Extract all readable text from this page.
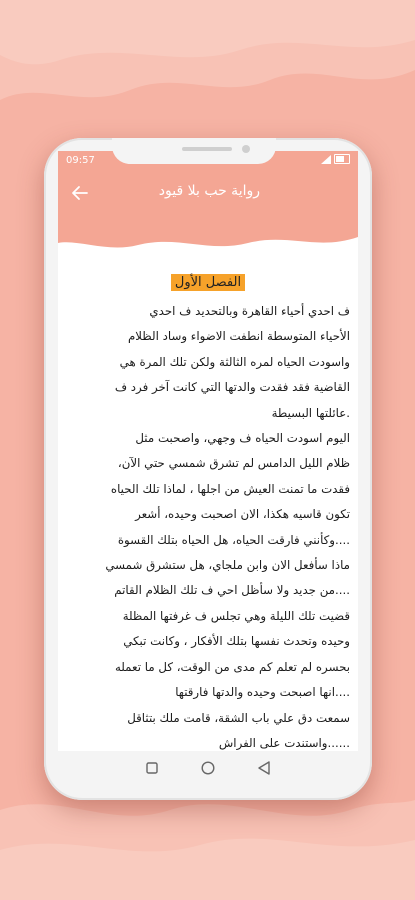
09:57
رواية حب بلا قيود
الفصل الأول

ف احدي أحياء القاهرة وبالتحديد ف احدي

الأحياء المتوسطة انطفت الاضواء وساد الظلام

واسودت الحياه لمره الثالثة ولكن تلك المرة هي

القاضية فقد فقدت والدتها التي كانت آخر فرد ف

.عائلتها البسيطة

اليوم اسودت الحياه ف وجهي، واصحبت مثل

ظلام الليل الدامس لم تشرق شمسي حتي الآن،

فقدت ما تمنت العيش من اجلها ، لماذا تلك الحياه

تكون قاسيه هكذا، الان اصحبت وحيده، أشعر

....وكأنني فارقت الحياه، هل الحياه بتلك القسوة

ماذا سأفعل الان وابن ملجاي، هل ستشرق شمسي

....من جديد ولا سأظل احي ف تلك الظلام القاتم

قضيت تلك الليلة وهي تجلس ف غرفتها المظلة

وحيده وتحدث نفسها بتلك الأفكار ، وكانت تبكي

بحسره لم تعلم كم مدى من الوقت، كل ما تعمله

....انها اصبحت وحيده والدتها فارقتها

سمعت دق علي باب الشقة، قامت ملك بتثاقل

......واستندت على الفراش
